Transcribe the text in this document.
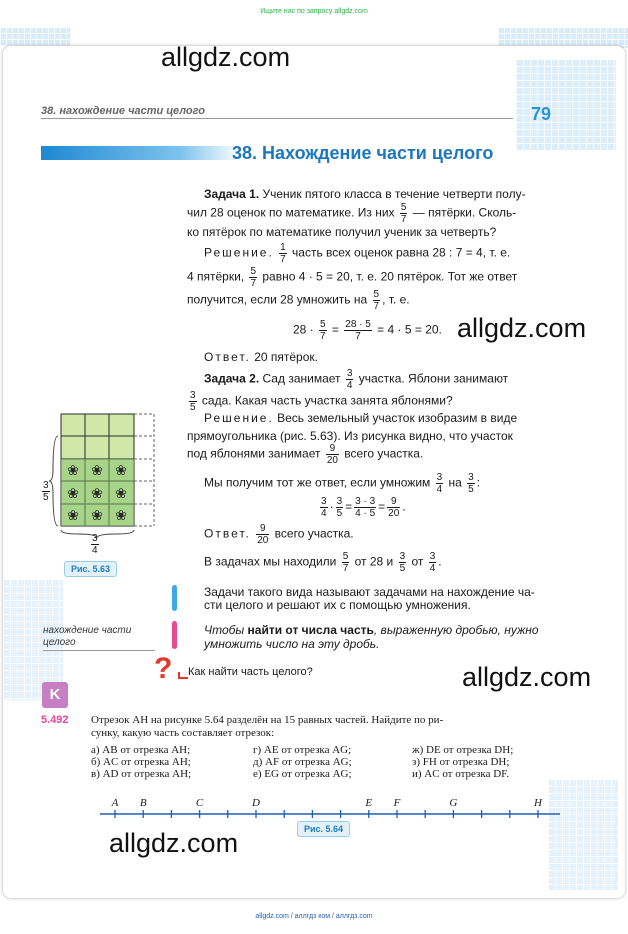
Ищите нас по запросу allgdz.com
allgdz.com
allgdz.com
allgdz.com
allgdz.com
38. нахождение части целого	79
38. Нахождение части целого
Задача 1. Ученик пятого класса в течение четверти полу-
чил 28 оценок по математике. Из них $\frac{5}{7}$ — пятёрки. Сколь-
ко пятёрок по математике получил ученик за четверть?
Решение. $\frac{1}{7}$ часть всех оценок равна 28 : 7 = 4, т. е.
4 пятёрки, $\frac{5}{7}$ равно 4 · 5 = 20, т. е. 20 пятёрок. Тот же ответ
получится, если 28 умножить на $\frac{5}{7}$ , т. е.
$28 \cdot \frac{5}{7} = \frac{28 \cdot 5}{7} = 4 \cdot 5 = 20$.
Ответ. 20 пятёрок.
Задача 2. Сад занимает $\frac{3}{4}$ участка. Яблони занимают
$\frac{3}{5}$ сада. Какая часть участка занята яблонями?
Решение. Весь земельный участок изобразим в виде
прямоугольника (рис. 5.63). Из рисунка видно, что участок
под яблонями занимает $\frac{9}{20}$ всего участка.
Мы получим тот же ответ, если умножим $\frac{3}{4}$ на $\frac{3}{5}$ :
$\frac{3}{4} \cdot \frac{3}{5} = \frac{3 \cdot 3}{4 \cdot 5} = \frac{9}{20}$ .
Ответ. $\frac{9}{20}$ всего участка.
В задачах мы находили $\frac{5}{7}$ от 28 и $\frac{3}{5}$ от $\frac{3}{4}$ .
❀ ❀ ❀
❀ ❀ ❀
❀ ❀ ❀
$\frac{3}{5}$
$\frac{3}{4}$
Рис. 5.63
Задачи такого вида называют задачами на нахождение ча-
сти целого и решают их с помощью умножения.
нахождение части
целого
Чтобы найти от числа часть, выраженную дробью, нужно
умножить число на эту дробь.
? Как найти часть целого?
K
5.492 Отрезок AH на рисунке 5.64 разделён на 15 равных частей. Найдите по ри-
сунку, какую часть составляет отрезок:
а) AB от отрезка AH;	г) AE от отрезка AG;	ж) DE от отрезка DH;
б) AC от отрезка AH;	д) AF от отрезка AG;	з) FH от отрезка DH;
в) AD от отрезка AH;	е) EG от отрезка AG;	и) AC от отрезка DF.
A B	C	D	E F	G	H
Рис. 5.64
allgdz.com / аллгдз ком / аллгдз.com
